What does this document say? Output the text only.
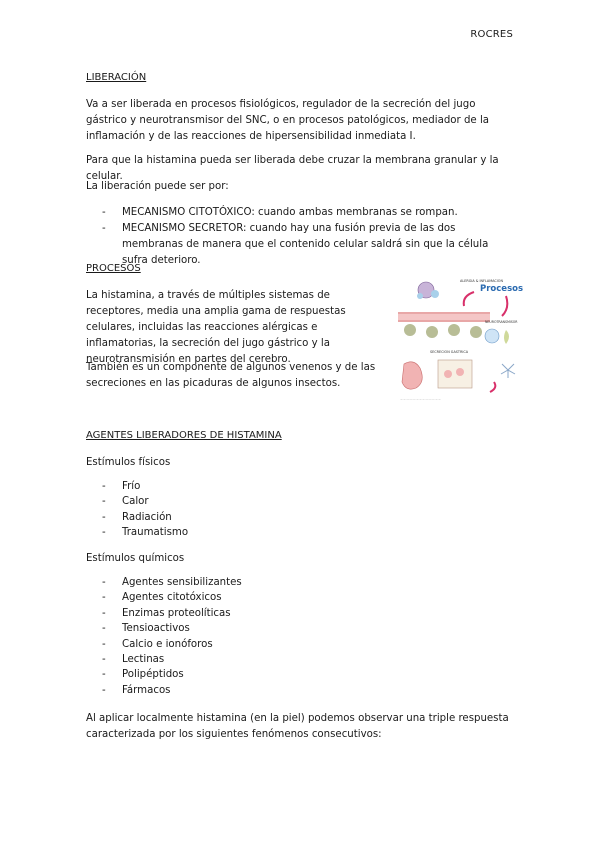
ROCRES
LIBERACIÓN

Va a ser liberada en procesos fisiológicos, regulador de la secreción del jugo gástrico y neurotransmisor del SNC, o en procesos patológicos, mediador de la inflamación y de las reacciones de hipersensibilidad inmediata I.

Para que la histamina pueda ser liberada debe cruzar la membrana granular y la celular.

La liberación puede ser por:

- MECANISMO CITOTÓXICO: cuando ambas membranas se rompan.
- MECANISMO SECRETOR: cuando hay una fusión previa de las dos membranas de manera que el contenido celular saldrá sin que la célula sufra deterioro.
PROCESOS

La histamina, a través de múltiples sistemas de receptores, media una amplia gama de respuestas celulares, incluidas las reacciones alérgicas e inflamatorias, la secreción del jugo gástrico y la neurotransmisión en partes del cerebro.

También es un componente de algunos venenos y de las secreciones en las picaduras de algunos insectos.

ALERGIA & INFLAMACION
Procesos
NEUROTRANSMISOR
SECRECION GASTRICA
......................................................
AGENTES LIBERADORES DE HISTAMINA

Estímulos físicos

- Frío
- Calor
- Radiación
- Traumatismo

Estímulos químicos

- Agentes sensibilizantes
- Agentes citotóxicos
- Enzimas proteolíticas
- Tensioactivos
- Calcio e ionóforos
- Lectinas
- Polipéptidos
- Fármacos

Al aplicar localmente histamina (en la piel) podemos observar una triple respuesta caracterizada por los siguientes fenómenos consecutivos:
